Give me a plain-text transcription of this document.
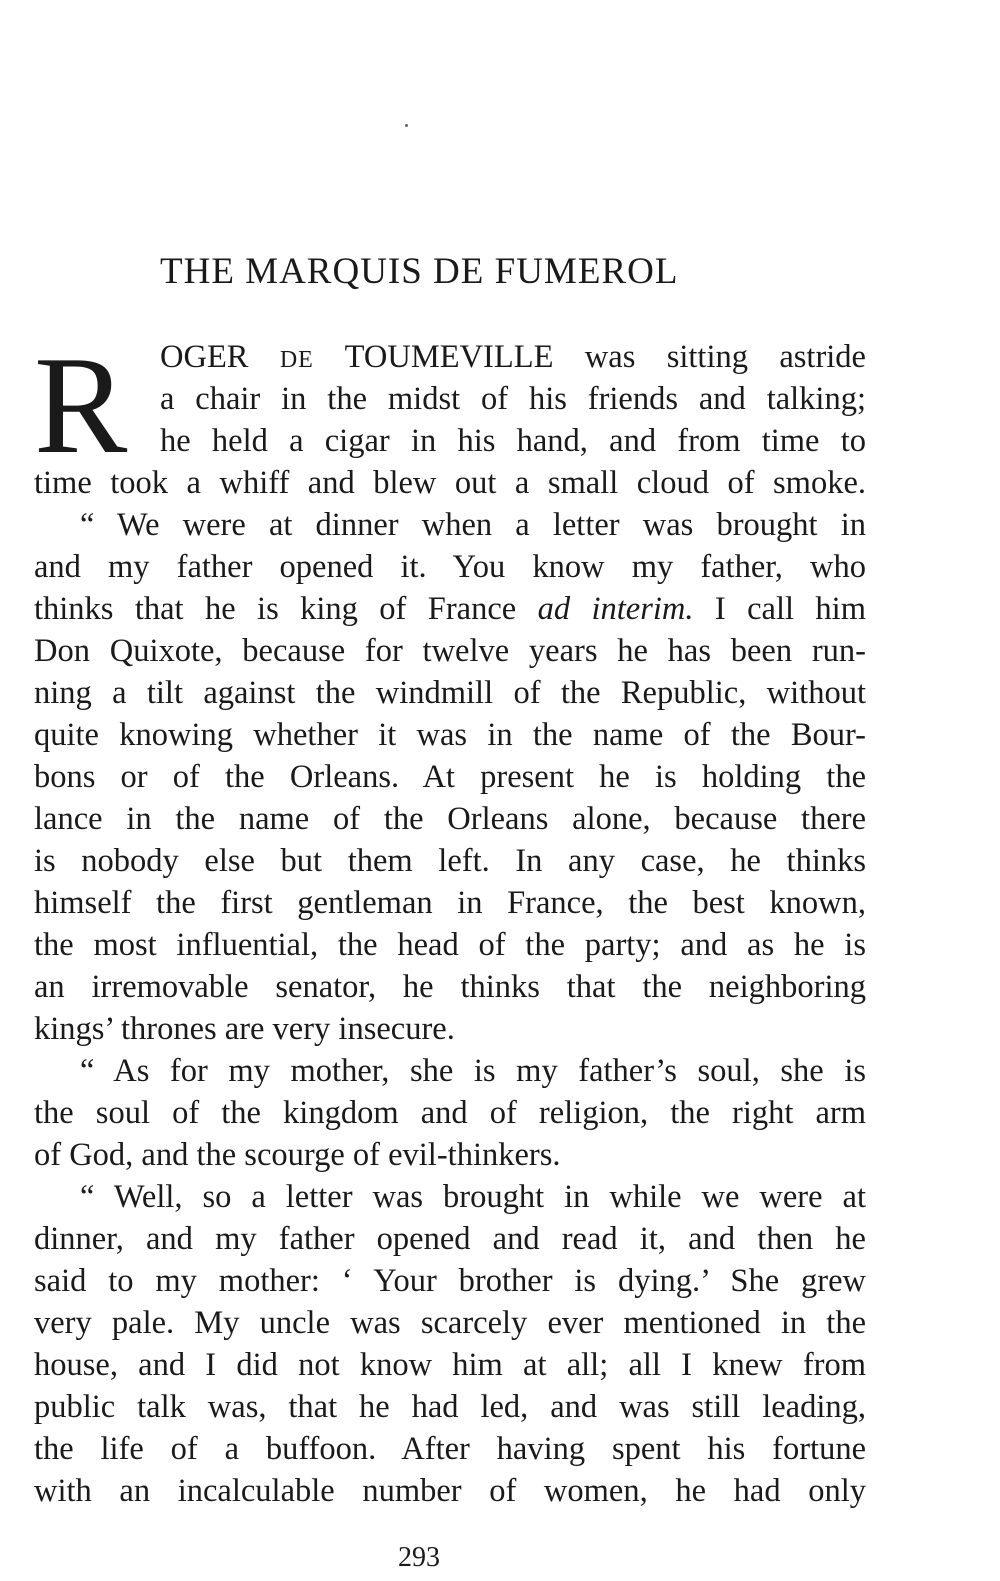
THE MARQUIS DE FUMEROL
R	OGER DE TOUMEVILLE was sitting astride
a chair in the midst of his friends and talking;
he held a cigar in his hand, and from time to
time took a whiff and blew out a small cloud of smoke.
“ We were at dinner when a letter was brought in
and my father opened it. You know my father, who
thinks that he is king of France ad interim. I call him
Don Quixote, because for twelve years he has been run-
ning a tilt against the windmill of the Republic, without
quite knowing whether it was in the name of the Bour-
bons or of the Orleans. At present he is holding the
lance in the name of the Orleans alone, because there
is nobody else but them left. In any case, he thinks
himself the first gentleman in France, the best known,
the most influential, the head of the party; and as he is
an irremovable senator, he thinks that the neighboring
kings’ thrones are very insecure.
“ As for my mother, she is my father’s soul, she is
the soul of the kingdom and of religion, the right arm
of God, and the scourge of evil-thinkers.
“ Well, so a letter was brought in while we were at
dinner, and my father opened and read it, and then he
said to my mother: ‘ Your brother is dying.’ She grew
very pale. My uncle was scarcely ever mentioned in the
house, and I did not know him at all; all I knew from
public talk was, that he had led, and was still leading,
the life of a buffoon. After having spent his fortune
with an incalculable number of women, he had only
293
